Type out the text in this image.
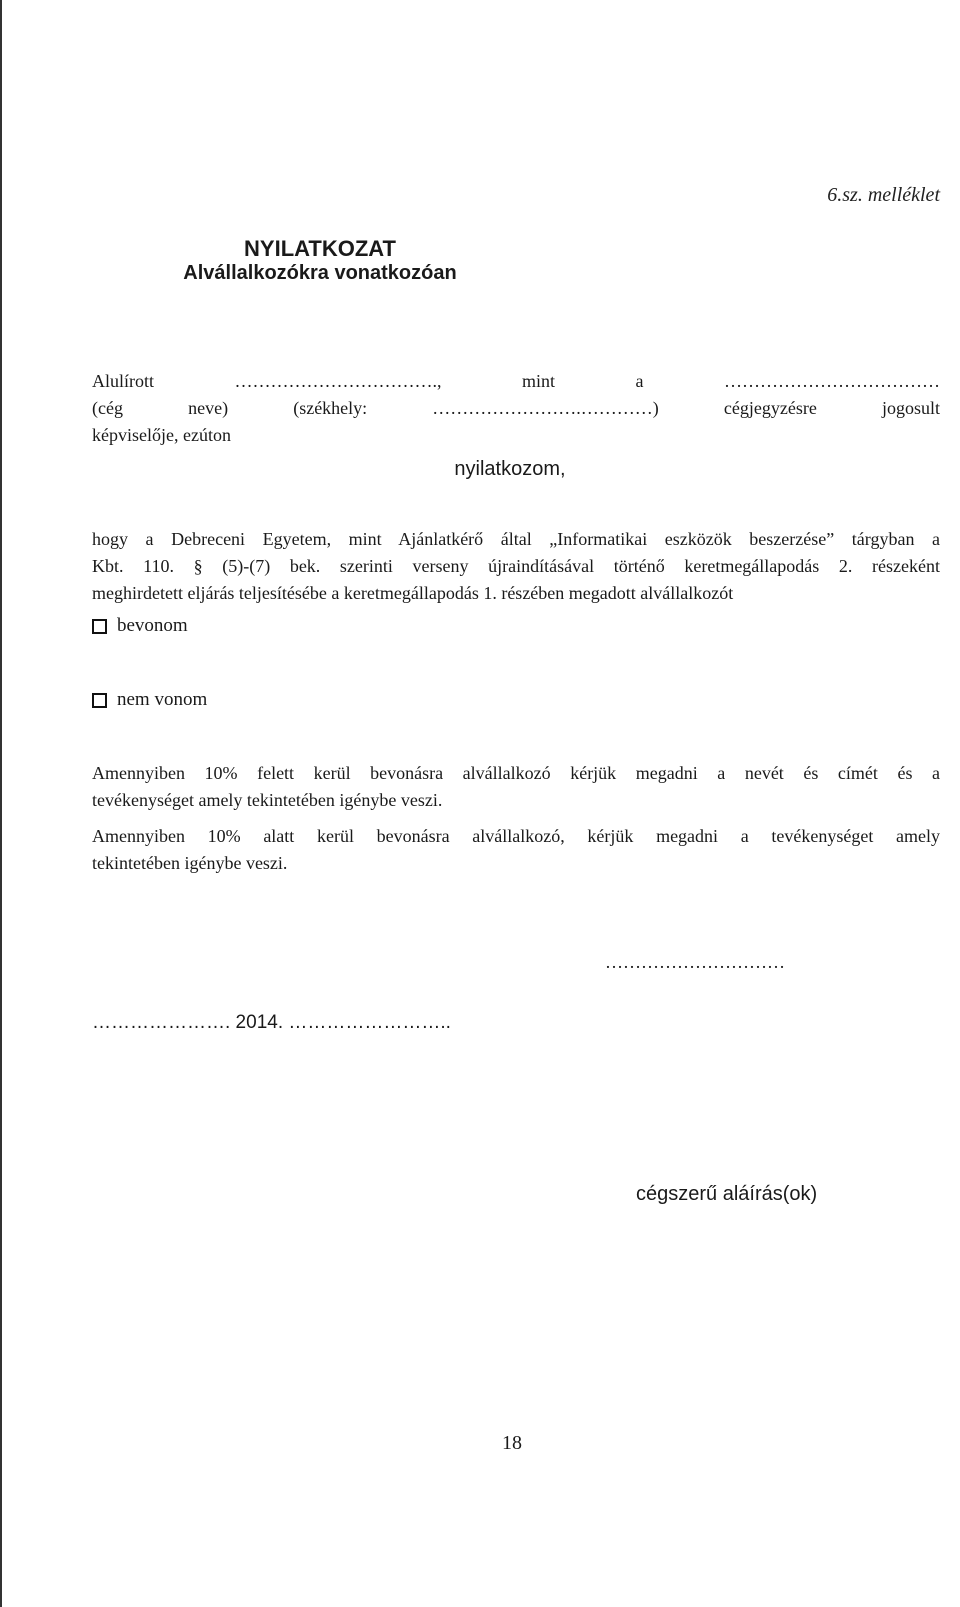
6.sz. melléklet
NYILATKOZAT
Alvállalkozókra vonatkozóan
Alulírott ……………………………., mint a ………………………………
(cég neve) (székhely: …………………….…………) cégjegyzésre jogosult
képviselője, ezúton
nyilatkozom,
hogy a Debreceni Egyetem, mint Ajánlatkérő által „Informatikai eszközök beszerzése” tárgyban a
Kbt. 110. § (5)-(7) bek. szerinti verseny újraindításával történő keretmegállapodás 2. részeként
meghirdetett eljárás teljesítésébe a keretmegállapodás 1. részében megadott alvállalkozót
bevonom
nem vonom
Amennyiben 10% felett kerül bevonásra alvállalkozó kérjük megadni a nevét és címét és a
tevékenységet amely tekintetében igénybe veszi.
Amennyiben 10% alatt kerül bevonásra alvállalkozó, kérjük megadni a tevékenységet amely
tekintetében igénybe veszi.
…………………. 2014. ……………………..
…………………………
cégszerű aláírás(ok)
18
